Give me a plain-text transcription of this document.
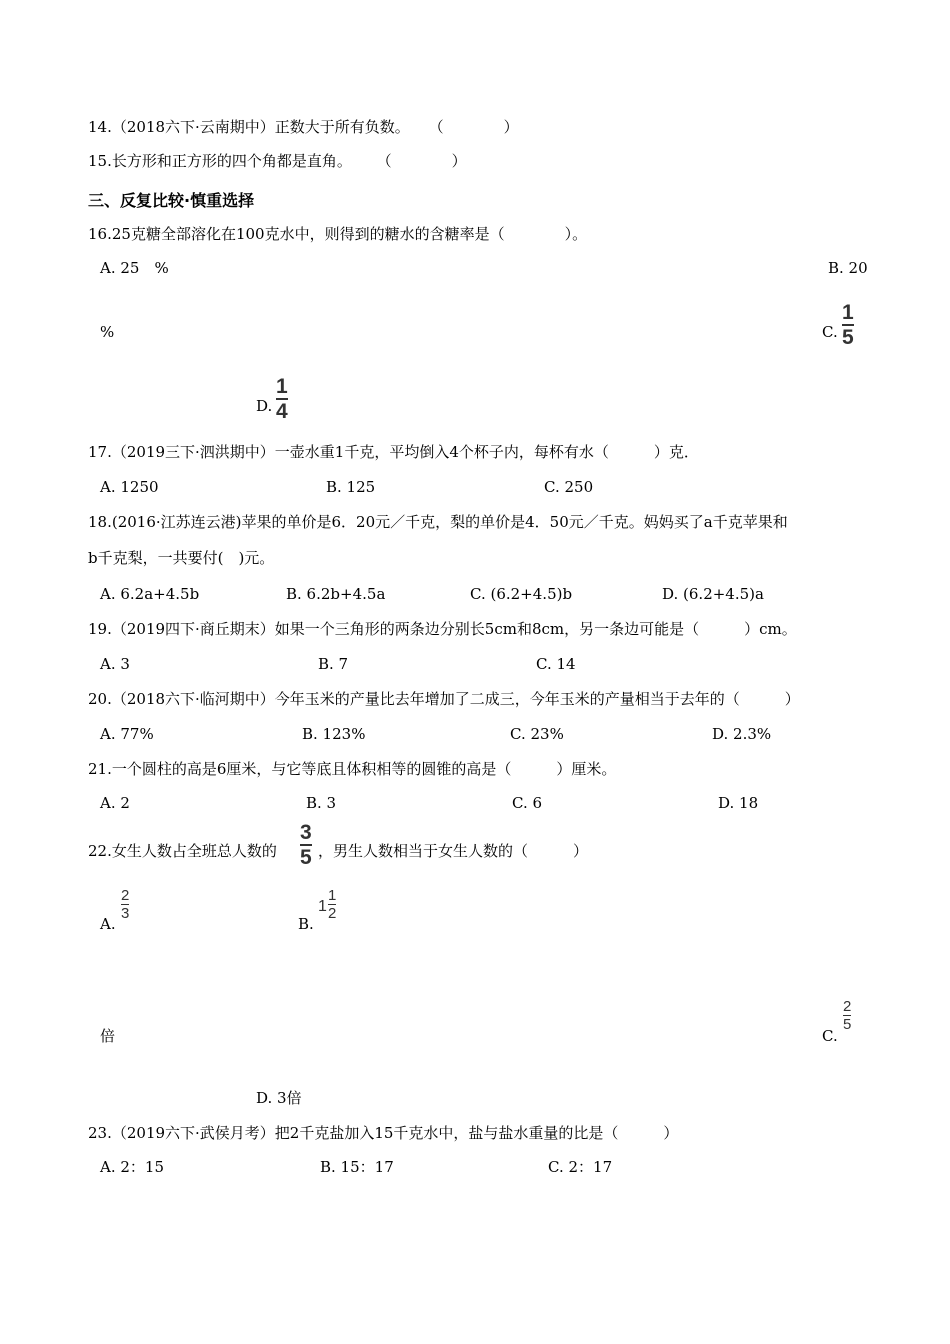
14.（2018六下·云南期中）正数大于所有负数。 （　　　　）
15.长方形和正方形的四个角都是直角。 （　　　　）
三、反复比较·慎重选择
16.25克糖全部溶化在100克水中，则得到的糖水的含糖率是（　　　　）。
A. 25　%	B. 20
%	C.
1
5
D.
1
4
17.（2019三下·泗洪期中）一壶水重1千克，平均倒入4个杯子内，每杯有水（　　　）克．
A. 1250	B. 125	C. 250
18.(2016·江苏连云港)苹果的单价是6．20元／千克，梨的单价是4．50元／千克。妈妈买了a千克苹果和
b千克梨，一共要付(　)元。
A. 6.2a+4.5b	B. 6.2b+4.5a	C. (6.2+4.5)b	D. (6.2+4.5)a
19.（2019四下·商丘期末）如果一个三角形的两条边分别长5cm和8cm，另一条边可能是（　　　）cm。
A. 3	B. 7	C. 14
20.（2018六下·临河期中）今年玉米的产量比去年增加了二成三，今年玉米的产量相当于去年的（　　　）
A. 77%	B. 123%	C. 23%	D. 2.3%
21.一个圆柱的高是6厘米，与它等底且体积相等的圆锥的高是（　　　）厘米。
A. 2	B. 3	C. 6	D. 18
22.女生人数占全班总人数的
3
5 ，男生人数相当于女生人数的（　　　）
A.
2
3
B.
1
1
2
倍	C.
2
5
D. 3倍
23.（2019六下·武侯月考）把2千克盐加入15千克水中，盐与盐水重量的比是（　　　）
A. 2：15	B. 15：17	C. 2：17
